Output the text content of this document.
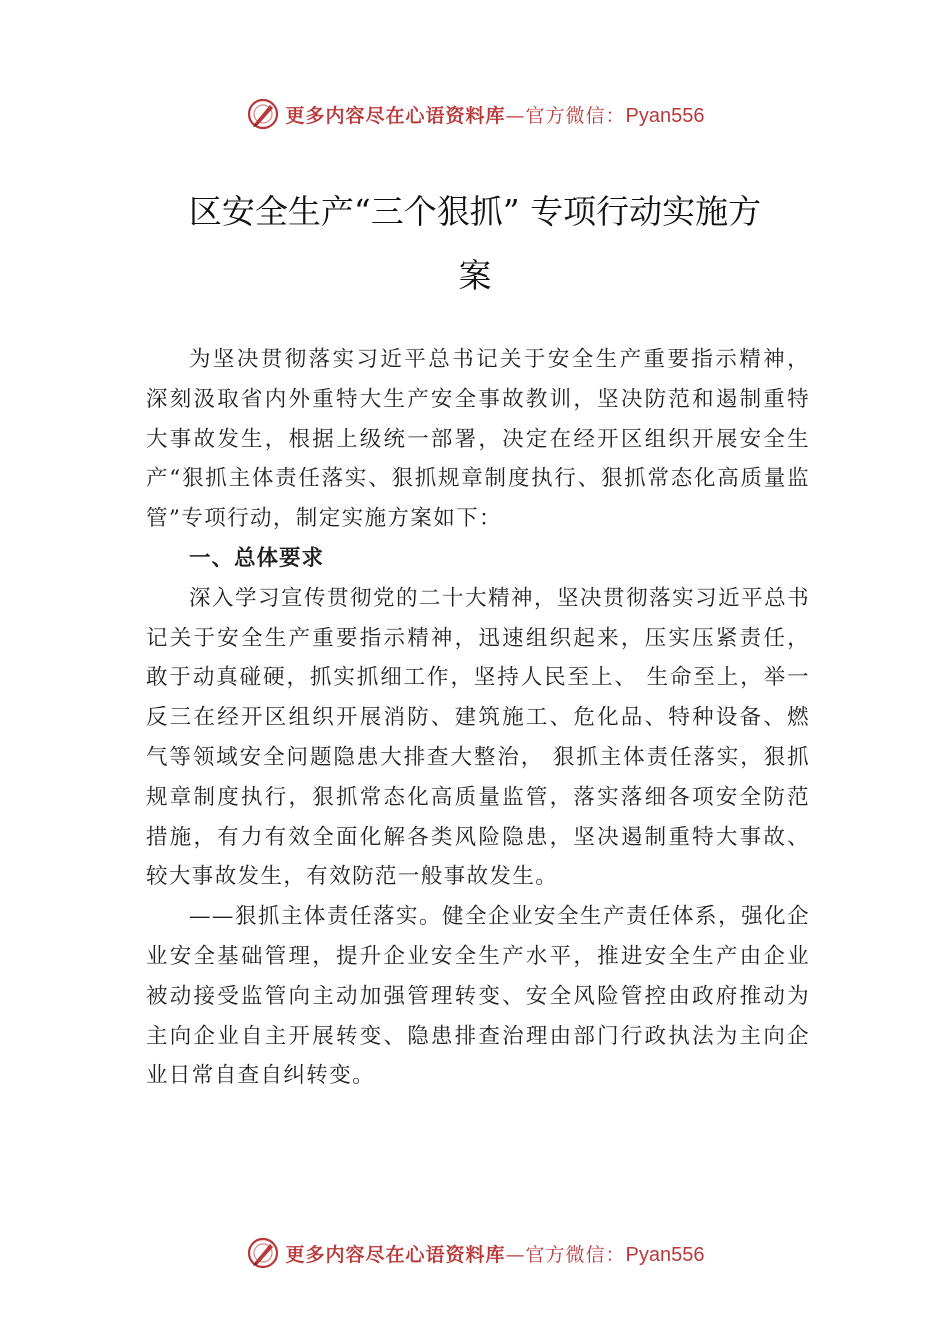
更多内容尽在心语资料库—官方微信：Pyan556
区安全生产“三个狠抓” 专项行动实施方
案

为坚决贯彻落实习近平总书记关于安全生产重要指示精神， 深刻汲取省内外重特大生产安全事故教训，坚决防范和遏制重特大事故发生，根据上级统一部署，决定在经开区组织开展安全生产“狠抓主体责任落实、狠抓规章制度执行、狠抓常态化高质量监管”专项行动，制定实施方案如下：

一、总体要求

深入学习宣传贯彻党的二十大精神，坚决贯彻落实习近平总书记关于安全生产重要指示精神，迅速组织起来，压实压紧责任，敢于动真碰硬，抓实抓细工作，坚持人民至上、 生命至上，举一反三在经开区组织开展消防、建筑施工、危化品、特种设备、燃气等领域安全问题隐患大排查大整治， 狠抓主体责任落实，狠抓规章制度执行，狠抓常态化高质量监管，落实落细各项安全防范措施，有力有效全面化解各类风险隐患，坚决遏制重特大事故、较大事故发生，有效防范一般事故发生。

——狠抓主体责任落实。健全企业安全生产责任体系，强化企业安全基础管理，提升企业安全生产水平，推进安全生产由企业被动接受监管向主动加强管理转变、安全风险管控由政府推动为主向企业自主开展转变、隐患排查治理由部门行政执法为主向企业日常自查自纠转变。

更多内容尽在心语资料库—官方微信：Pyan556
